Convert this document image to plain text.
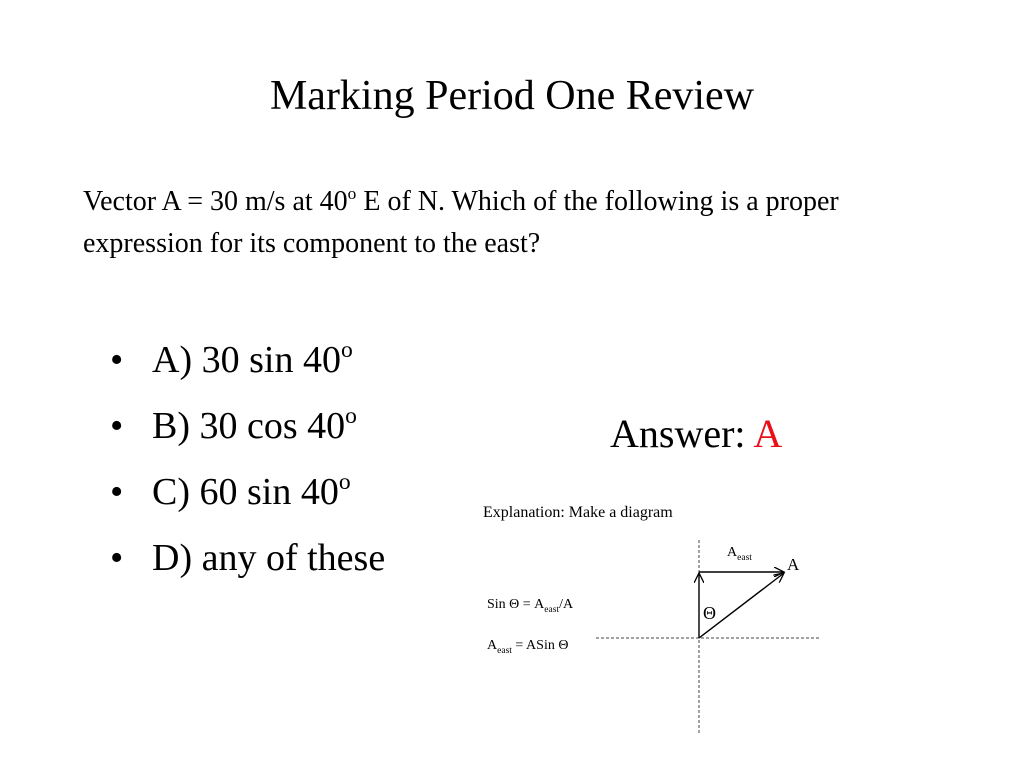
Marking Period One Review
Vector A = 30 m/s at 40$^o$ E of N. Which of the following is a proper expression for its component to the east?
• A) 30 sin 40$^o$
• B) 30 cos 40$^o$
• C) 60 sin 40$^o$
• D) any of these
Answer: A
Explanation: Make a diagram
$A_{east}$ A
Θ
Sin $\Theta = A_{east}/A$
$A_{east}$ = ASin Θ
